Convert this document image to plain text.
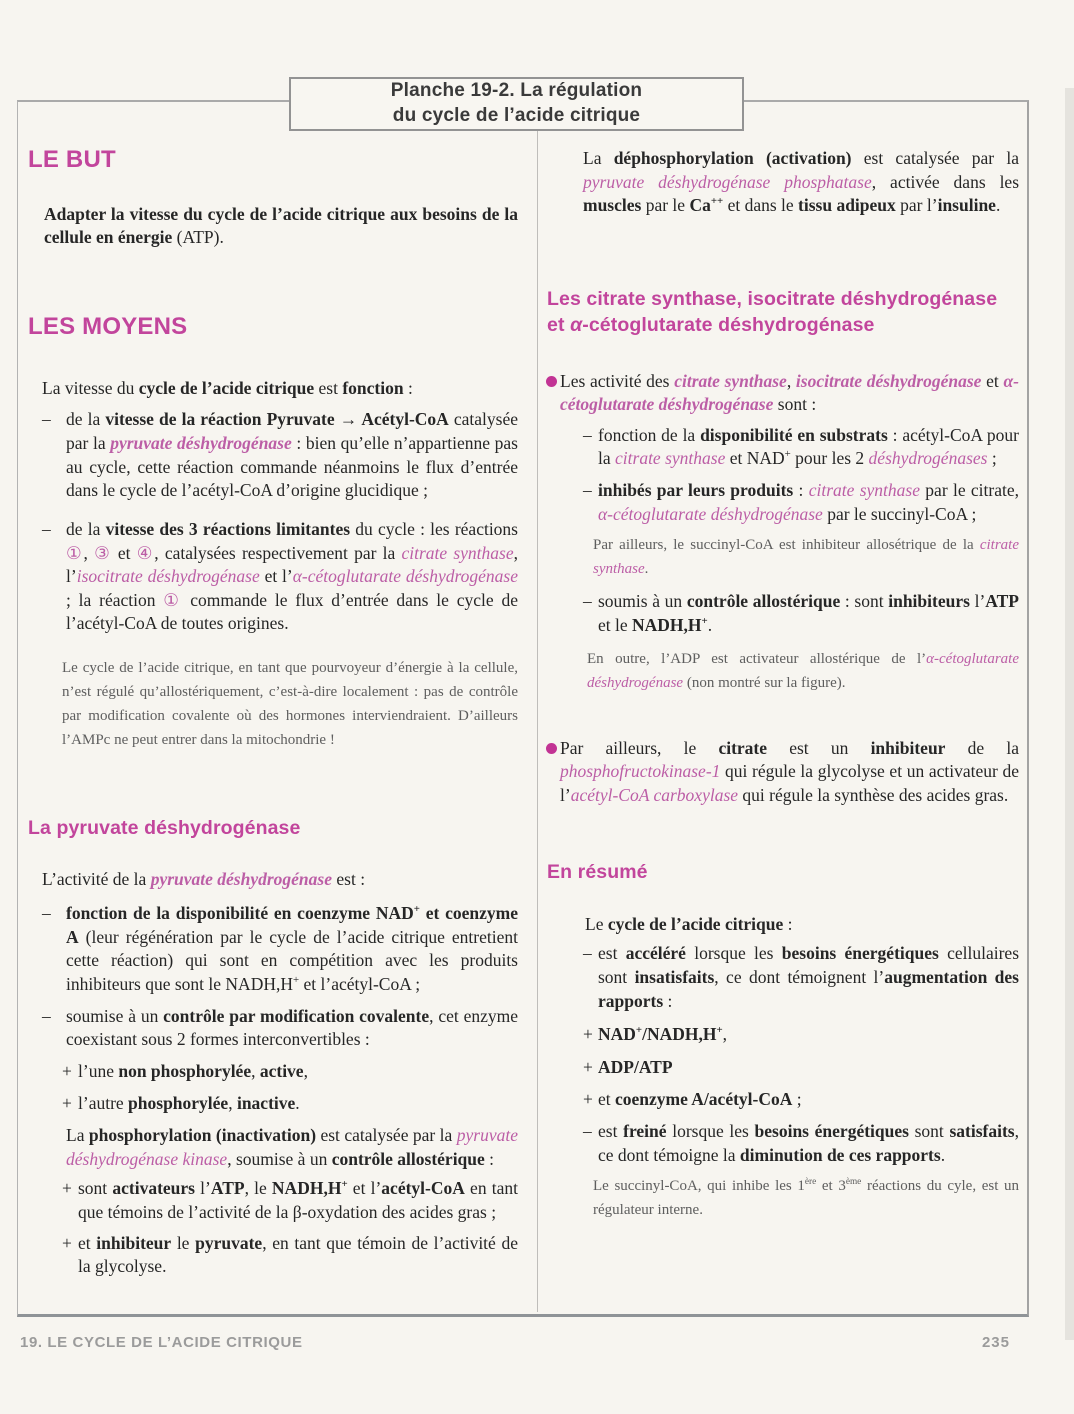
Planche 19-2. La régulation
du cycle de l’acide citrique
LE BUT
Adapter la vitesse du cycle de l’acide citrique aux besoins de la cellule en énergie (ATP).
LES MOYENS
La vitesse du cycle de l’acide citrique est fonction :
– de la vitesse de la réaction Pyruvate → Acétyl-CoA catalysée par la pyruvate déshydrogénase : bien qu’elle n’appartienne pas au cycle, cette réaction commande néanmoins le flux d’entrée dans le cycle de l’acétyl-CoA d’origine glucidique ;
– de la vitesse des 3 réactions limitantes du cycle : les réactions ①, ③ et ④, catalysées respectivement par la citrate synthase, l’isocitrate déshydrogénase et l’α-cétoglutarate déshydrogénase ; la réaction ① commande le flux d’entrée dans le cycle de l’acétyl-CoA de toutes origines.
Le cycle de l’acide citrique, en tant que pourvoyeur d’énergie à la cellule, n’est régulé qu’allostériquement, c’est-à-dire localement : pas de contrôle par modification covalente où des hormones interviendraient. D’ailleurs l’AMPc ne peut entrer dans la mitochondrie !
La pyruvate déshydrogénase
L’activité de la pyruvate déshydrogénase est :
– fonction de la disponibilité en coenzyme NAD+ et coenzyme A (leur régénération par le cycle de l’acide citrique entretient cette réaction) qui sont en compétition avec les produits inhibiteurs que sont le NADH,H+ et l’acétyl-CoA ;
– soumise à un contrôle par modification covalente, cet enzyme coexistant sous 2 formes interconvertibles :
+ l’une non phosphorylée, active,
+ l’autre phosphorylée, inactive.
La phosphorylation (inactivation) est catalysée par la pyruvate déshydrogénase kinase, soumise à un contrôle allostérique :
+ sont activateurs l’ATP, le NADH,H+ et l’acétyl-CoA en tant que témoins de l’activité de la β-oxydation des acides gras ;
+ et inhibiteur le pyruvate, en tant que témoin de l’activité de la glycolyse.
La déphosphorylation (activation) est catalysée par la pyruvate déshydrogénase phosphatase, activée dans les muscles par le Ca++ et dans le tissu adipeux par l’insuline.
Les citrate synthase, isocitrate déshydrogénase et α-cétoglutarate déshydrogénase
Les activité des citrate synthase, isocitrate déshydrogénase et α-cétoglutarate déshydrogénase sont :
– fonction de la disponibilité en substrats : acétyl-CoA pour la citrate synthase et NAD+ pour les 2 déshydrogénases ;
– inhibés par leurs produits : citrate synthase par le citrate, α-cétoglutarate déshydrogénase par le succinyl-CoA ;
Par ailleurs, le succinyl-CoA est inhibiteur allosétrique de la citrate synthase.
– soumis à un contrôle allostérique : sont inhibiteurs l’ATP et le NADH,H+.
En outre, l’ADP est activateur allostérique de l’α-cétoglutarate déshydrogénase (non montré sur la figure).
Par ailleurs, le citrate est un inhibiteur de la phosphofructokinase-1 qui régule la glycolyse et un activateur de l’acétyl-CoA carboxylase qui régule la synthèse des acides gras.
En résumé
Le cycle de l’acide citrique :
– est accéléré lorsque les besoins énergétiques cellulaires sont insatisfaits, ce dont témoignent l’augmentation des rapports :
+ NAD+/NADH,H+,
+ ADP/ATP
+ et coenzyme A/acétyl-CoA ;
– est freiné lorsque les besoins énergétiques sont satisfaits, ce dont témoigne la diminution de ces rapports.
Le succinyl-CoA, qui inhibe les 1ère et 3ème réactions du cyle, est un régulateur interne.
19. LE CYCLE DE L’ACIDE CITRIQUE	235
